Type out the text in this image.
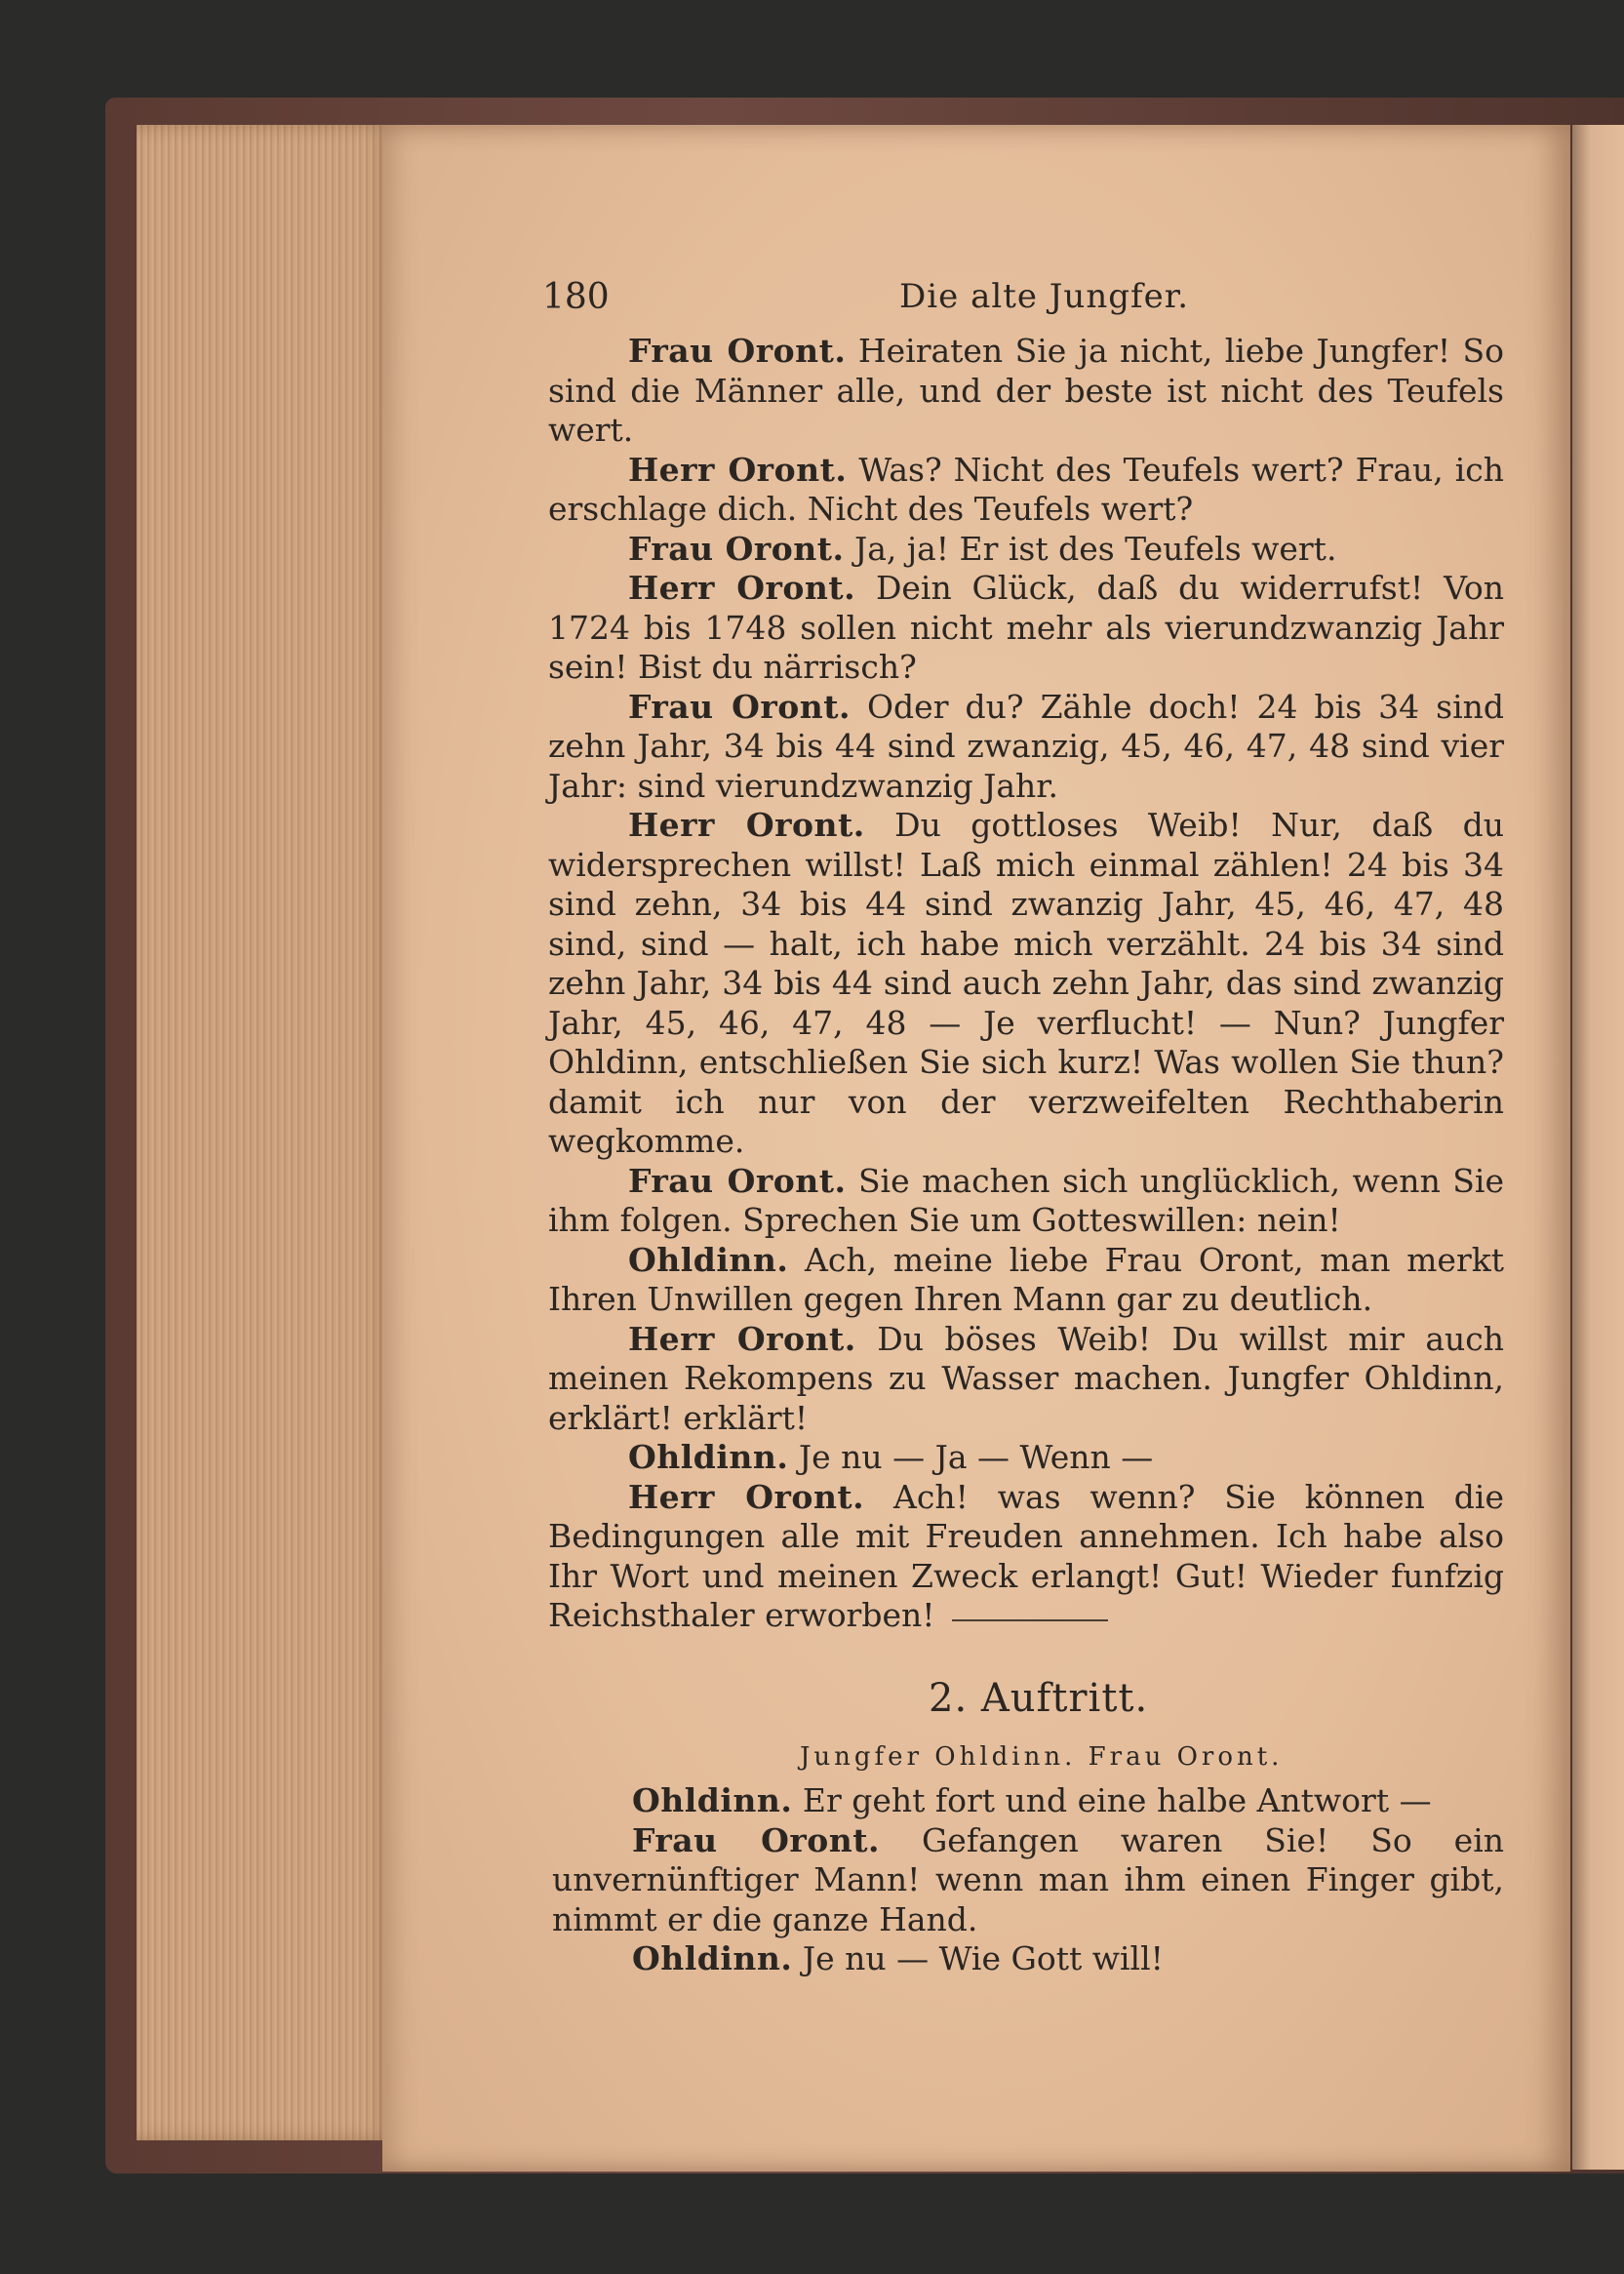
180	Die alte Jungfer.

Frau Oront. Heiraten Sie ja nicht, liebe Jungfer! So sind die Männer alle, und der beste ist nicht des Teufels wert.

Herr Oront. Was? Nicht des Teufels wert? Frau, ich erschlage dich. Nicht des Teufels wert?

Frau Oront. Ja, ja! Er ist des Teufels wert.

Herr Oront. Dein Glück, daß du widerrufst! Von 1724 bis 1748 sollen nicht mehr als vierundzwanzig Jahr sein! Bist du närrisch?

Frau Oront. Oder du? Zähle doch! 24 bis 34 sind zehn Jahr, 34 bis 44 sind zwanzig, 45, 46, 47, 48 sind vier Jahr: sind vierundzwanzig Jahr.

Herr Oront. Du gottloses Weib! Nur, daß du widersprechen willst! Laß mich einmal zählen! 24 bis 34 sind zehn, 34 bis 44 sind zwanzig Jahr, 45, 46, 47, 48 sind, sind — halt, ich habe mich verzählt. 24 bis 34 sind zehn Jahr, 34 bis 44 sind auch zehn Jahr, das sind zwanzig Jahr, 45, 46, 47, 48 — Je verflucht! — Nun? Jungfer Ohldinn, entschließen Sie sich kurz! Was wollen Sie thun? damit ich nur von der verzweifelten Rechthaberin wegkomme.

Frau Oront. Sie machen sich unglücklich, wenn Sie ihm folgen. Sprechen Sie um Gotteswillen: nein!

Ohldinn. Ach, meine liebe Frau Oront, man merkt Ihren Unwillen gegen Ihren Mann gar zu deutlich.

Herr Oront. Du böses Weib! Du willst mir auch meinen Rekompens zu Wasser machen. Jungfer Ohldinn, erklärt! erklärt!

Ohldinn. Je nu — Ja — Wenn —

Herr Oront. Ach! was wenn? Sie können die Bedingungen alle mit Freuden annehmen. Ich habe also Ihr Wort und meinen Zweck erlangt! Gut! Wieder funfzig Reichsthaler erworben!

2. Auftritt.
Jungfer Ohldinn. Frau Oront.

Ohldinn. Er geht fort und eine halbe Antwort —

Frau Oront. Gefangen waren Sie! So ein unvernünftiger Mann! wenn man ihm einen Finger gibt, nimmt er die ganze Hand.

Ohldinn. Je nu — Wie Gott will!
